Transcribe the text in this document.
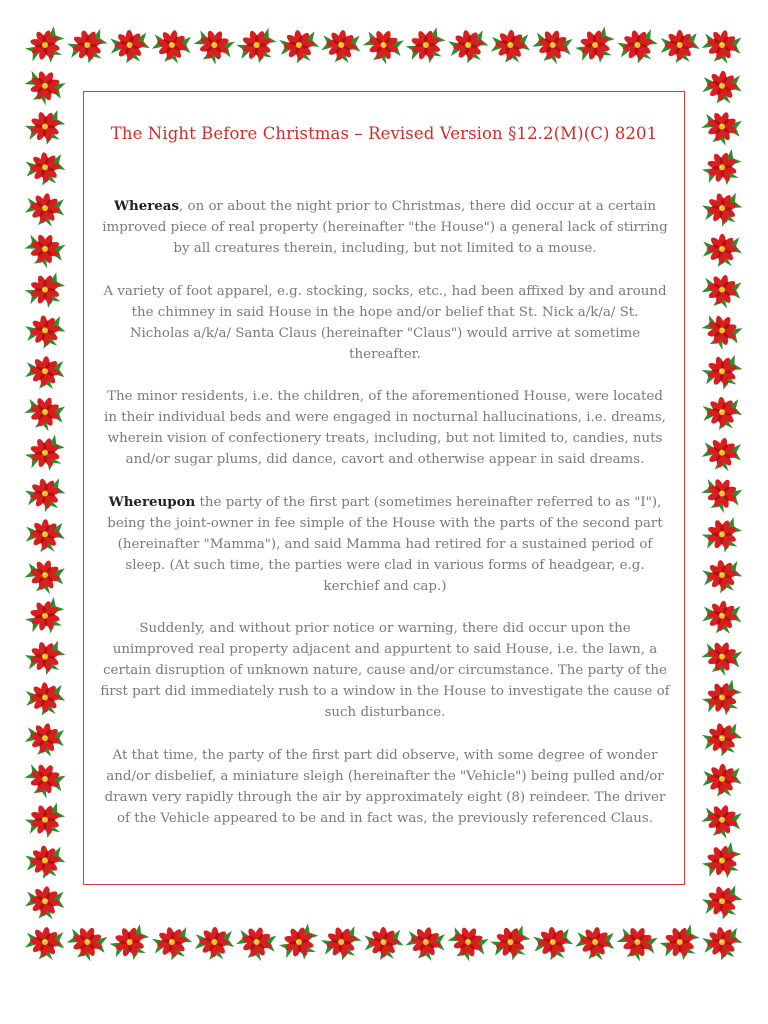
The Night Before Christmas – Revised Version §12.2(M)(C) 8201

Whereas, on or about the night prior to Christmas, there did occur at a certain improved piece of real property (hereinafter "the House") a general lack of stirring by all creatures therein, including, but not limited to a mouse.

A variety of foot apparel, e.g. stocking, socks, etc., had been affixed by and around the chimney in said House in the hope and/or belief that St. Nick a/k/a/ St. Nicholas a/k/a/ Santa Claus (hereinafter "Claus") would arrive at sometime thereafter.

The minor residents, i.e. the children, of the aforementioned House, were located in their individual beds and were engaged in nocturnal hallucinations, i.e. dreams, wherein vision of confectionery treats, including, but not limited to, candies, nuts and/or sugar plums, did dance, cavort and otherwise appear in said dreams.

Whereupon the party of the first part (sometimes hereinafter referred to as "I"), being the joint-owner in fee simple of the House with the parts of the second part (hereinafter "Mamma"), and said Mamma had retired for a sustained period of sleep. (At such time, the parties were clad in various forms of headgear, e.g. kerchief and cap.)

Suddenly, and without prior notice or warning, there did occur upon the unimproved real property adjacent and appurtent to said House, i.e. the lawn, a certain disruption of unknown nature, cause and/or circumstance. The party of the first part did immediately rush to a window in the House to investigate the cause of such disturbance.

At that time, the party of the first part did observe, with some degree of wonder and/or disbelief, a miniature sleigh (hereinafter the "Vehicle") being pulled and/or drawn very rapidly through the air by approximately eight (8) reindeer. The driver of the Vehicle appeared to be and in fact was, the previously referenced Claus.
